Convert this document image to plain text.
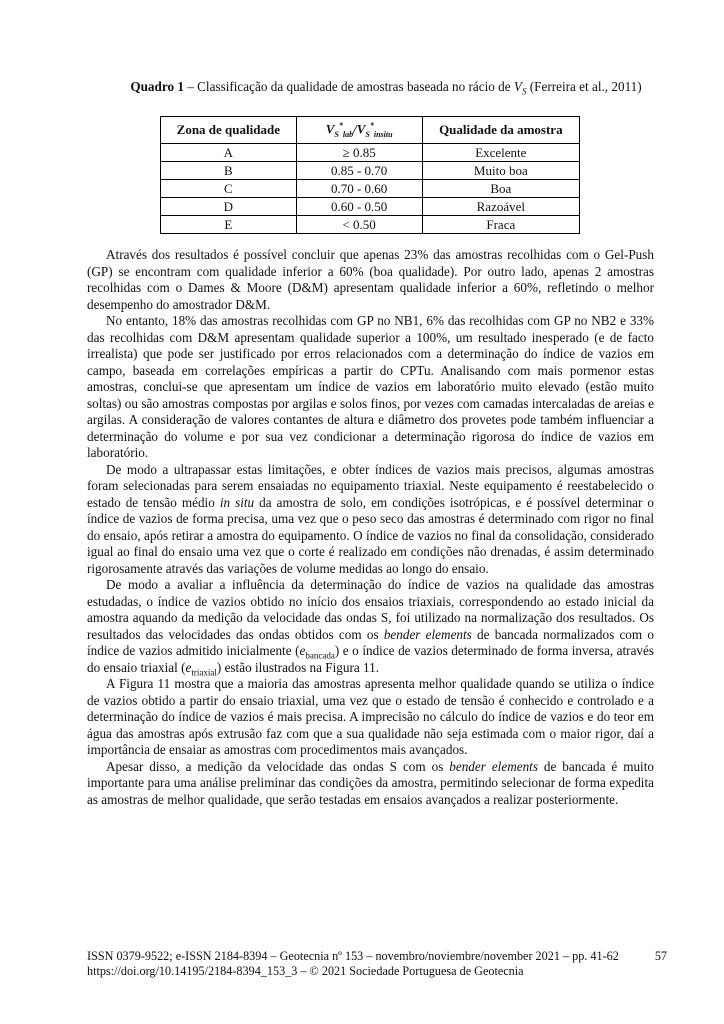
Quadro 1 – Classificação da qualidade de amostras baseada no rácio de $V_S$ (Ferreira et al., 2011)
Zona de qualidade	$V_S^*_{lab}/V_S^*_{insitu}$	Qualidade da amostra
A	≥ 0.85	Excelente
B	0.85 - 0.70	Muito boa
C	0.70 - 0.60	Boa
D	0.60 - 0.50	Razoável
E	< 0.50	Fraca

Através dos resultados é possível concluir que apenas 23% das amostras recolhidas com o Gel-Push (GP) se encontram com qualidade inferior a 60% (boa qualidade). Por outro lado, apenas 2 amostras recolhidas com o Dames & Moore (D&M) apresentam qualidade inferior a 60%, refletindo o melhor desempenho do amostrador D&M.

No entanto, 18% das amostras recolhidas com GP no NB1, 6% das recolhidas com GP no NB2 e 33% das recolhidas com D&M apresentam qualidade superior a 100%, um resultado inesperado (e de facto irrealista) que pode ser justificado por erros relacionados com a determinação do índice de vazios em campo, baseada em correlações empíricas a partir do CPTu. Analisando com mais pormenor estas amostras, conclui-se que apresentam um índice de vazios em laboratório muito elevado (estão muito soltas) ou são amostras compostas por argilas e solos finos, por vezes com camadas intercaladas de areias e argilas. A consideração de valores contantes de altura e diâmetro dos provetes pode também influenciar a determinação do volume e por sua vez condicionar a determinação rigorosa do índice de vazios em laboratório.

De modo a ultrapassar estas limitações, e obter índices de vazios mais precisos, algumas amostras foram selecionadas para serem ensaiadas no equipamento triaxial. Neste equipamento é reestabelecido o estado de tensão médio in situ da amostra de solo, em condições isotrópicas, e é possível determinar o índice de vazios de forma precisa, uma vez que o peso seco das amostras é determinado com rigor no final do ensaio, após retirar a amostra do equipamento. O índice de vazios no final da consolidação, considerado igual ao final do ensaio uma vez que o corte é realizado em condições não drenadas, é assim determinado rigorosamente através das variações de volume medidas ao longo do ensaio.

De modo a avaliar a influência da determinação do índice de vazios na qualidade das amostras estudadas, o índice de vazios obtido no início dos ensaios triaxiais, correspondendo ao estado inicial da amostra aquando da medição da velocidade das ondas S, foi utilizado na normalização dos resultados. Os resultados das velocidades das ondas obtidos com os bender elements de bancada normalizados com o índice de vazios admitido inicialmente $(e_{bancada})$ e o índice de vazios determinado de forma inversa, através do ensaio triaxial $(e_{triaxial})$ estão ilustrados na Figura 11.

A Figura 11 mostra que a maioria das amostras apresenta melhor qualidade quando se utiliza o índice de vazios obtido a partir do ensaio triaxial, uma vez que o estado de tensão é conhecido e controlado e a determinação do índice de vazios é mais precisa. A imprecisão no cálculo do índice de vazios e do teor em água das amostras após extrusão faz com que a sua qualidade não seja estimada com o maior rigor, daí a importância de ensaiar as amostras com procedimentos mais avançados.

Apesar disso, a medição da velocidade das ondas S com os bender elements de bancada é muito importante para uma análise preliminar das condições da amostra, permitindo selecionar de forma expedita as amostras de melhor qualidade, que serão testadas em ensaios avançados a realizar posteriormente.

ISSN 0379-9522; e-ISSN 2184-8394 – Geotecnia nº 153 – novembro/noviembre/november 2021 – pp. 41-62	57
https://doi.org/10.14195/2184-8394_153_3 – © 2021 Sociedade Portuguesa de Geotecnia
